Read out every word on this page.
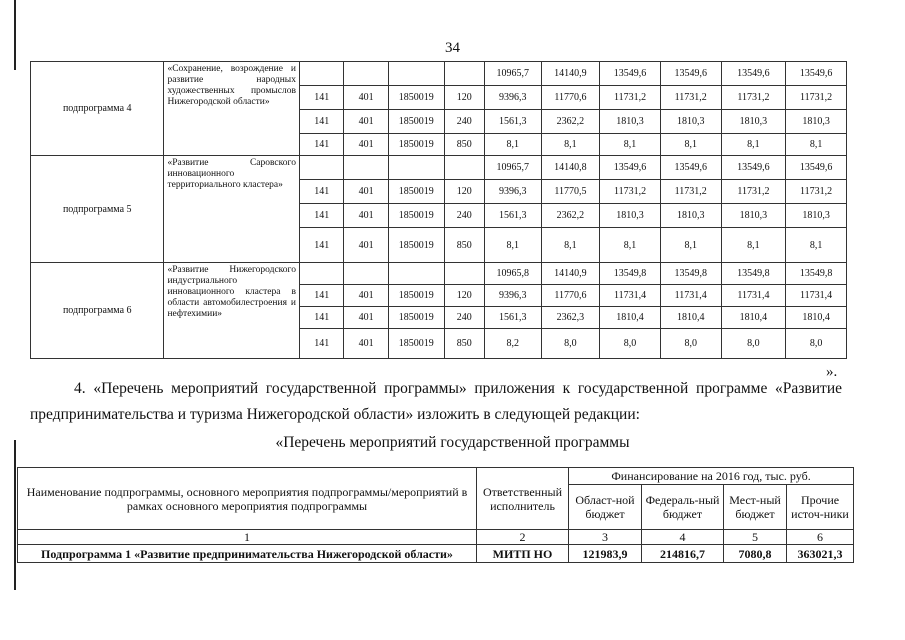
34
подпрограмма 4	«Сохранение, возрождение и развитие народных художественных промыслов Нижегородской области»					10965,7	14140,9	13549,6	13549,6	13549,6	13549,6
		141	401	1850019	120	9396,3	11770,6	11731,2	11731,2	11731,2	11731,2
		141	401	1850019	240	1561,3	2362,2	1810,3	1810,3	1810,3	1810,3
		141	401	1850019	850	8,1	8,1	8,1	8,1	8,1	8,1
подпрограмма 5	«Развитие Саровского инновационного территориального кластера»					10965,7	14140,8	13549,6	13549,6	13549,6	13549,6
		141	401	1850019	120	9396,3	11770,5	11731,2	11731,2	11731,2	11731,2
		141	401	1850019	240	1561,3	2362,2	1810,3	1810,3	1810,3	1810,3
		141	401	1850019	850	8,1	8,1	8,1	8,1	8,1	8,1
подпрограмма 6	«Развитие Нижегородского индустриального инновационного кластера в области автомобилестроения и нефтехимии»					10965,8	14140,9	13549,8	13549,8	13549,8	13549,8
		141	401	1850019	120	9396,3	11770,6	11731,4	11731,4	11731,4	11731,4
		141	401	1850019	240	1561,3	2362,3	1810,4	1810,4	1810,4	1810,4
		141	401	1850019	850	8,2	8,0	8,0	8,0	8,0	8,0
».
4. «Перечень мероприятий государственной программы» приложения к государственной программе «Развитие предпринимательства и туризма Нижегородской области» изложить в следующей редакции:
«Перечень мероприятий государственной программы
Наименование подпрограммы, основного мероприятия подпрограммы/мероприятий в рамках основного мероприятия подпрограммы	Ответственный исполнитель	Финансирование на 2016 год, тыс. руб.			
		Област-ной бюджет	Федераль-ный бюджет	Мест-ный бюджет	Прочие источ-ники
1	2	3	4	5	6
Подпрограмма 1 «Развитие предпринимательства Нижегородской области»	МИТП НО	121983,9	214816,7	7080,8	363021,3
